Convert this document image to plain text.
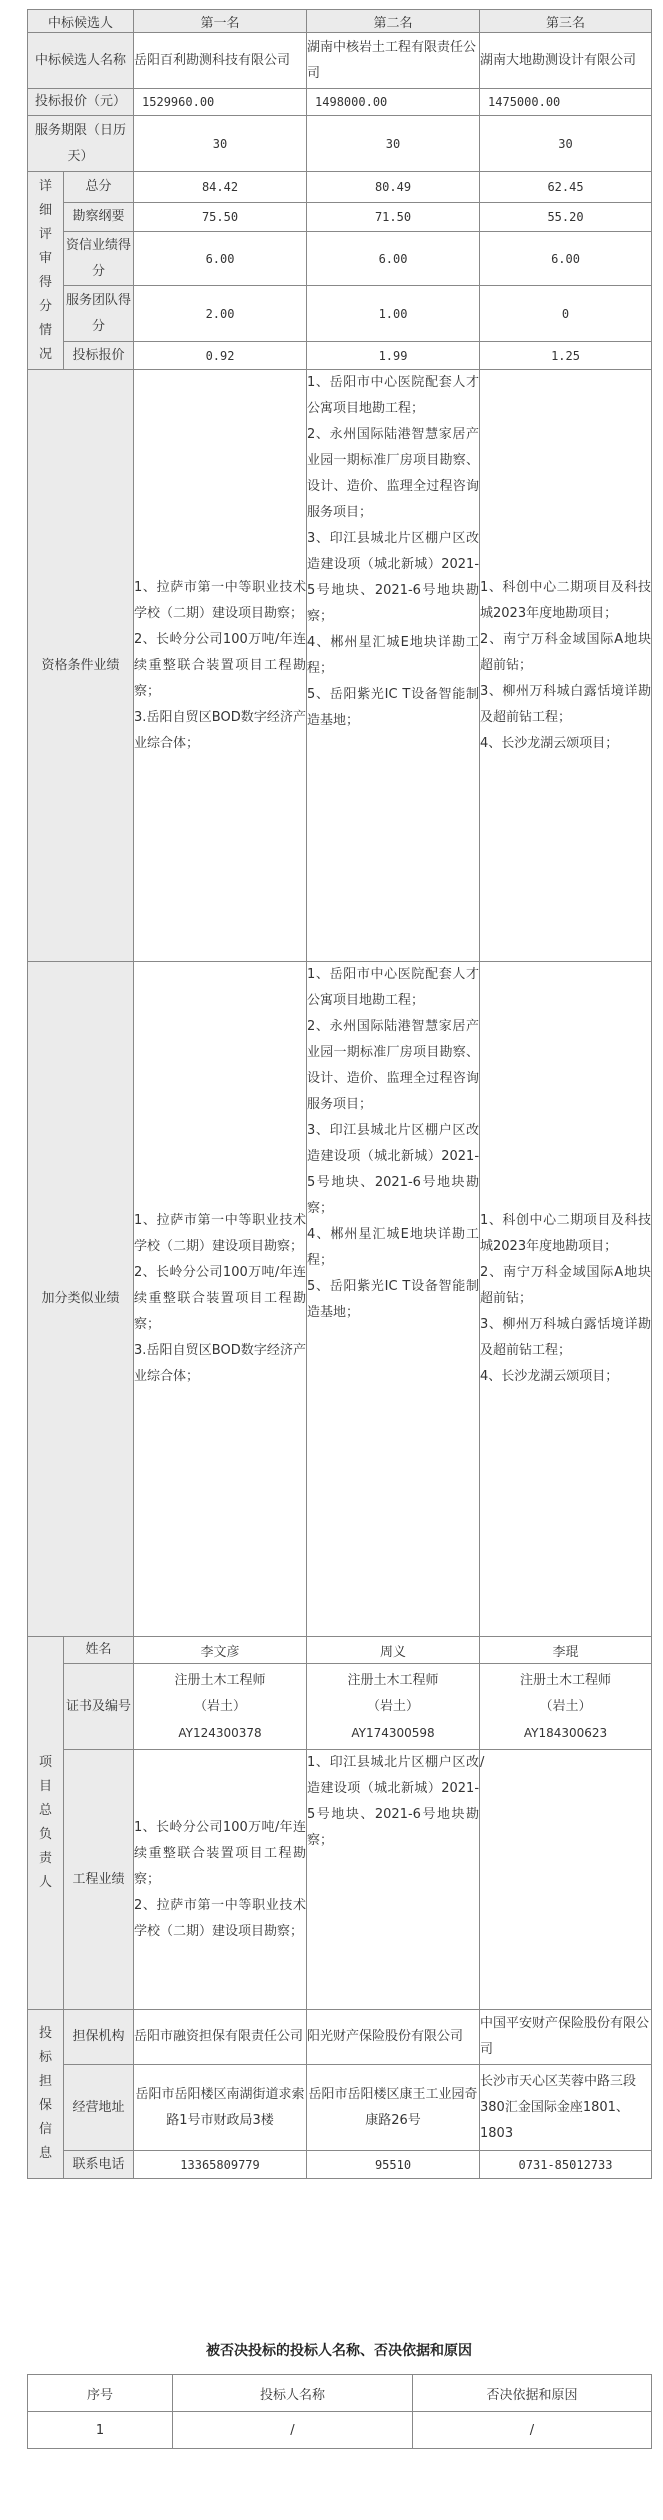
中标候选人		第一名	第二名	第三名
中标候选人名称		岳阳百利勘测科技有限公司	湖南中核岩土工程有限责任公司	湖南大地勘测设计有限公司
投标报价（元）		1529960.00	1498000.00	1475000.00
服务期限（日历天）		30	30	30
详细评审得分情况	总分	84.42	80.49	62.45
	勘察纲要	75.50	71.50	55.20
	资信业绩得分	6.00	6.00	6.00
	服务团队得分	2.00	1.00	0
	投标报价	0.92	1.99	1.25
资格条件业绩		1、拉萨市第一中等职业技术学校（二期）建设项目勘察；
2、长岭分公司100万吨/年连续重整联合装置项目工程勘察；
3.岳阳自贸区BOD数字经济产业综合体；	1、岳阳市中心医院配套人才公寓项目地勘工程；
2、永州国际陆港智慧家居产业园一期标准厂房项目勘察、设计、造价、监理全过程咨询服务项目；
3、印江县城北片区棚户区改造建设项（城北新城）2021-5号地块、2021-6号地块勘察；
4、郴州星汇城E地块详勘工程；
5、岳阳紫光IC T设备智能制造基地；	1、科创中心二期项目及科技城2023年度地勘项目；
2、南宁万科金域国际A地块超前钻；
3、柳州万科城白露恬境详勘及超前钻工程；
4、长沙龙湖云颂项目；

加分类似业绩		1、拉萨市第一中等职业技术学校（二期）建设项目勘察；
2、长岭分公司100万吨/年连续重整联合装置项目工程勘察；
3.岳阳自贸区BOD数字经济产业综合体；	1、岳阳市中心医院配套人才公寓项目地勘工程；
2、永州国际陆港智慧家居产业园一期标准厂房项目勘察、设计、造价、监理全过程咨询服务项目；
3、印江县城北片区棚户区改造建设项（城北新城）2021-5号地块、2021-6号地块勘察；
4、郴州星汇城E地块详勘工程；
5、岳阳紫光IC T设备智能制造基地；	1、科创中心二期项目及科技城2023年度地勘项目；
2、南宁万科金域国际A地块超前钻；
3、柳州万科城白露恬境详勘及超前钻工程；
4、长沙龙湖云颂项目；

项目总负责人	姓名	李文彦	周义	李琨
	证书及编号	注册土木工程师
（岩土）
AY124300378	注册土木工程师
（岩土）
AY174300598	注册土木工程师
（岩土）
AY184300623

	工程业绩	1、长岭分公司100万吨/年连续重整联合装置项目工程勘察；
2、拉萨市第一中等职业技术学校（二期）建设项目勘察；	1、印江县城北片区棚户区改造建设项（城北新城）2021-5号地块、2021-6号地块勘察；	/

投标担保信息	担保机构	岳阳市融资担保有限责任公司	阳光财产保险股份有限公司	中国平安财产保险股份有限公司
	经营地址	岳阳市岳阳楼区南湖街道求索路1号市财政局3楼	岳阳市岳阳楼区康王工业园奇康路26号	长沙市天心区芙蓉中路三段380汇金国际金座1801、1803
	联系电话	13365809779	95510	0731-85012733
被否决投标的投标人名称、否决依据和原因
序号	投标人名称	否决依据和原因
1	/	/
